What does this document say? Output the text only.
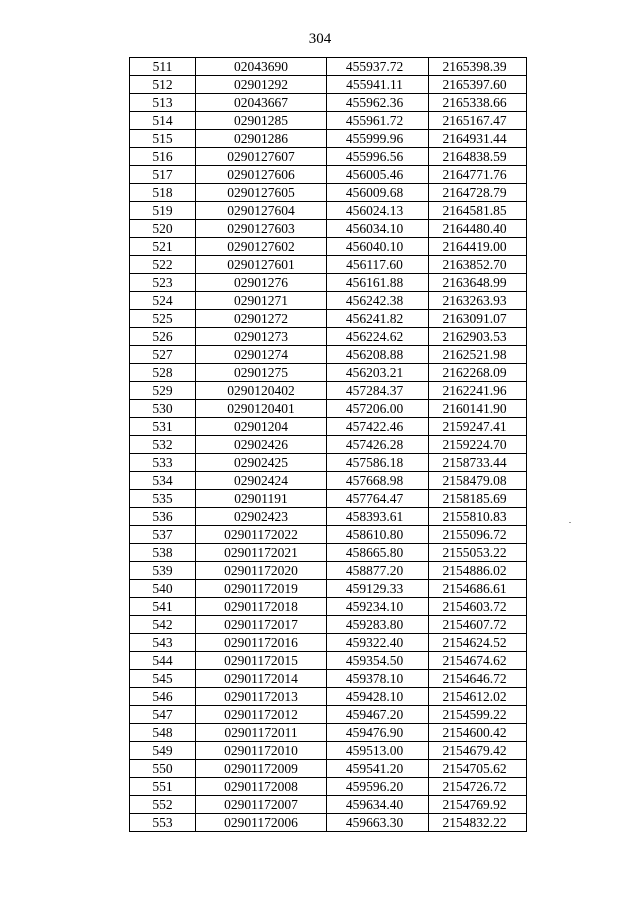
304
511	02043690	455937.72	2165398.39
512	02901292	455941.11	2165397.60
513	02043667	455962.36	2165338.66
514	02901285	455961.72	2165167.47
515	02901286	455999.96	2164931.44
516	0290127607	455996.56	2164838.59
517	0290127606	456005.46	2164771.76
518	0290127605	456009.68	2164728.79
519	0290127604	456024.13	2164581.85
520	0290127603	456034.10	2164480.40
521	0290127602	456040.10	2164419.00
522	0290127601	456117.60	2163852.70
523	02901276	456161.88	2163648.99
524	02901271	456242.38	2163263.93
525	02901272	456241.82	2163091.07
526	02901273	456224.62	2162903.53
527	02901274	456208.88	2162521.98
528	02901275	456203.21	2162268.09
529	0290120402	457284.37	2162241.96
530	0290120401	457206.00	2160141.90
531	02901204	457422.46	2159247.41
532	02902426	457426.28	2159224.70
533	02902425	457586.18	2158733.44
534	02902424	457668.98	2158479.08
535	02901191	457764.47	2158185.69
536	02902423	458393.61	2155810.83
537	02901172022	458610.80	2155096.72
538	02901172021	458665.80	2155053.22
539	02901172020	458877.20	2154886.02
540	02901172019	459129.33	2154686.61
541	02901172018	459234.10	2154603.72
542	02901172017	459283.80	2154607.72
543	02901172016	459322.40	2154624.52
544	02901172015	459354.50	2154674.62
545	02901172014	459378.10	2154646.72
546	02901172013	459428.10	2154612.02
547	02901172012	459467.20	2154599.22
548	02901172011	459476.90	2154600.42
549	02901172010	459513.00	2154679.42
550	02901172009	459541.20	2154705.62
551	02901172008	459596.20	2154726.72
552	02901172007	459634.40	2154769.92
553	02901172006	459663.30	2154832.22
